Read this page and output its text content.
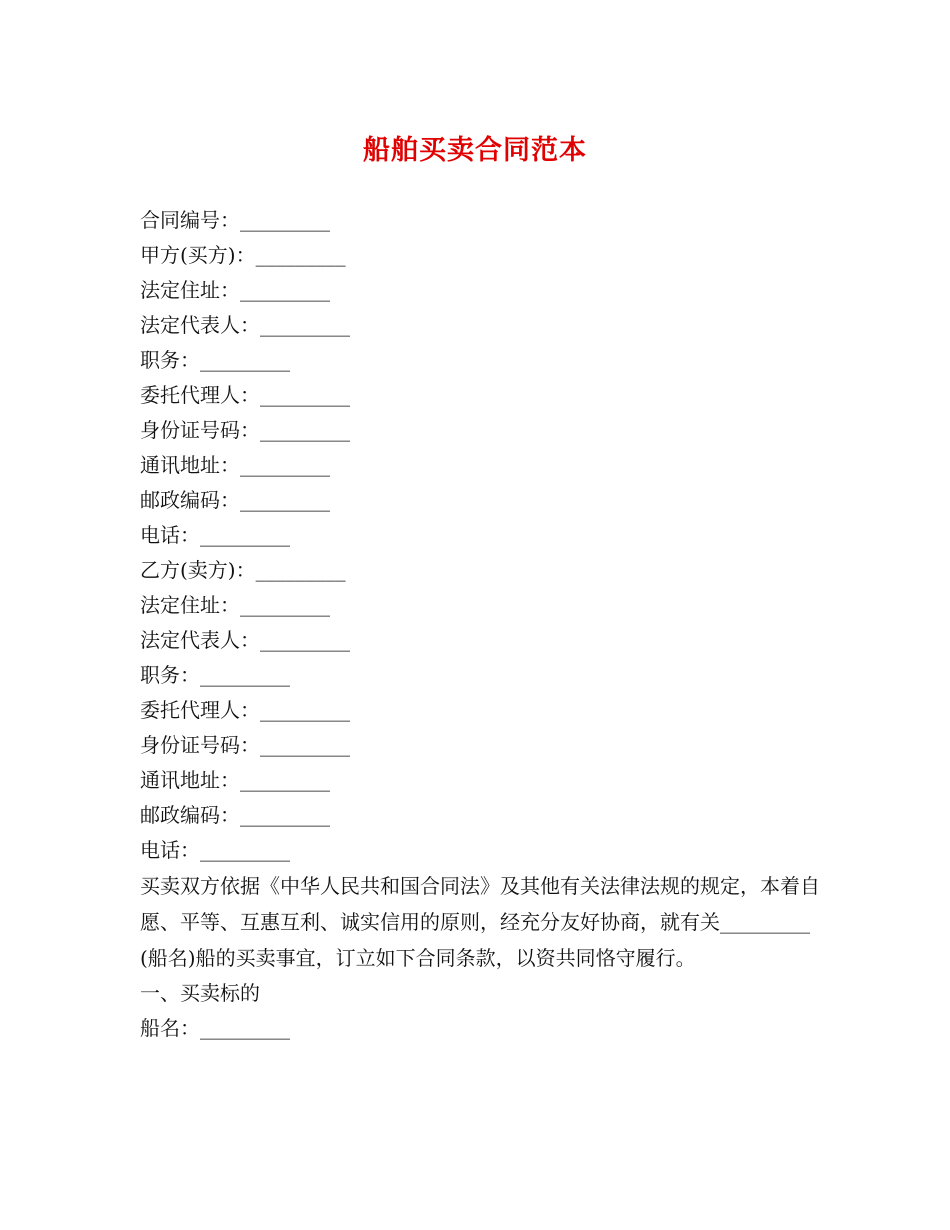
船舶买卖合同范本
合同编号：_________
甲方(买方)：_________
法定住址：_________
法定代表人：_________
职务：_________
委托代理人：_________
身份证号码：_________
通讯地址：_________
邮政编码：_________
电话：_________
乙方(卖方)：_________
法定住址：_________
法定代表人：_________
职务：_________
委托代理人：_________
身份证号码：_________
通讯地址：_________
邮政编码：_________
电话：_________
买卖双方依据《中华人民共和国合同法》及其他有关法律法规的规定，本着自愿、平等、互惠互利、诚实信用的原则，经充分友好协商，就有关_________(船名)船的买卖事宜，订立如下合同条款，以资共同恪守履行。
一、买卖标的
船名：_________
